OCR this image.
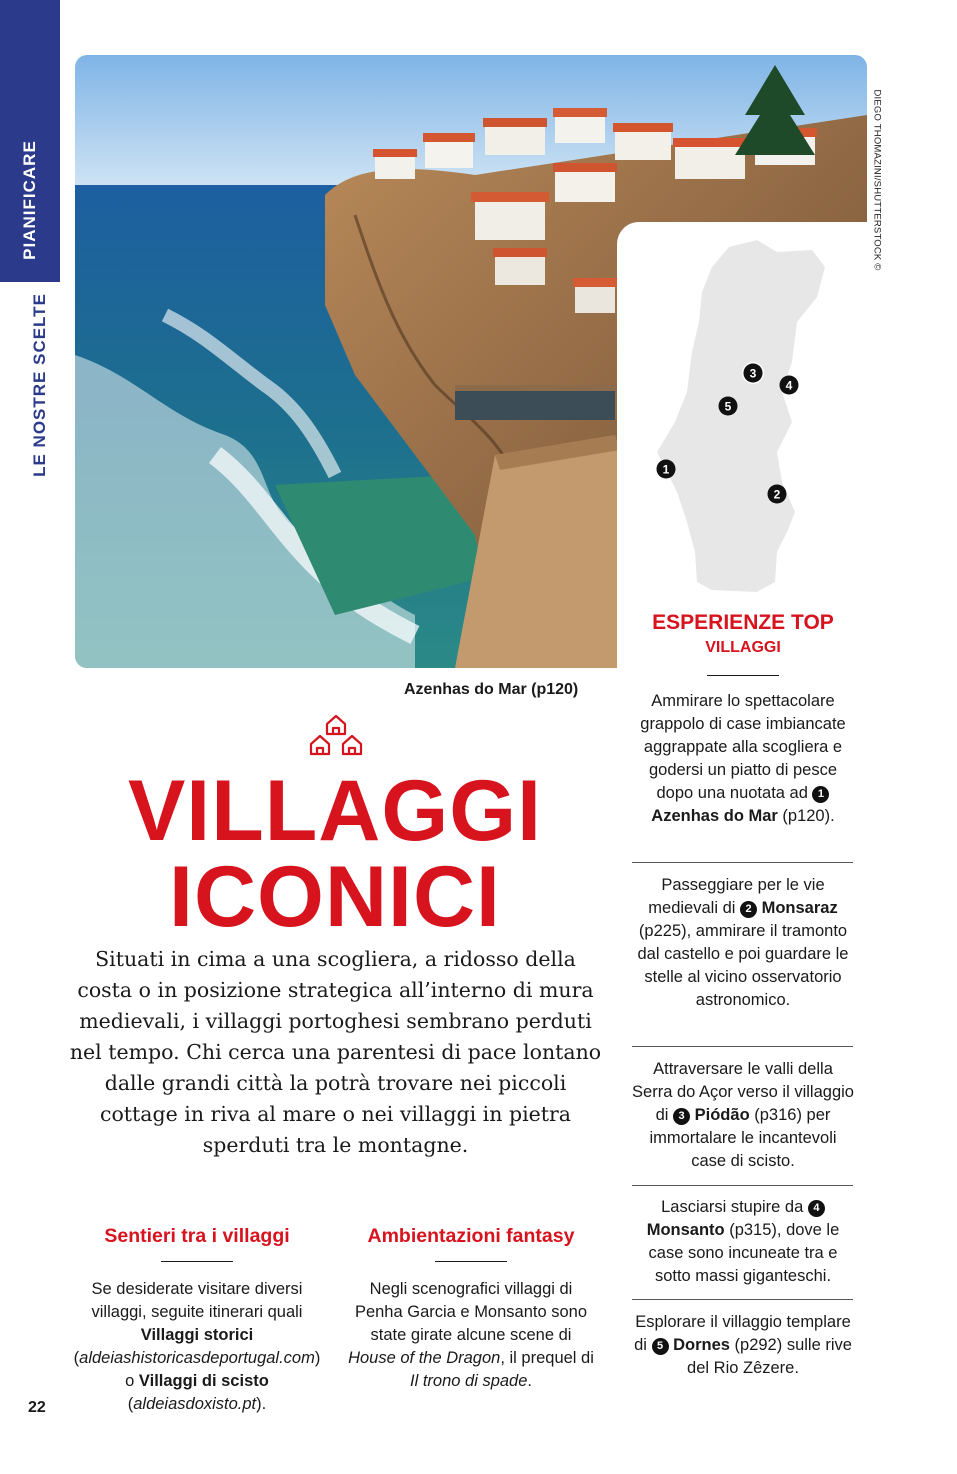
PIANIFICARE
LE NOSTRE SCELTE
DIEGO THOMAZINI/SHUTTERSTOCK ©
3
4
5
1
2
ESPERIENZE TOP
VILLAGGI
Ammirare lo spettacolare grappolo di case imbiancate aggrappate alla scogliera e godersi un piatto di pesce dopo una nuotata ad 1 Azenhas do Mar (p120).
Passeggiare per le vie medievali di 2 Monsaraz (p225), ammirare il tramonto dal castello e poi guardare le stelle al vicino osservatorio astronomico.
Attraversare le valli della Serra do Açor verso il villaggio di 3 Piódão (p316) per immortalare le incantevoli case di scisto.
Lasciarsi stupire da 4 Monsanto (p315), dove le case sono incuneate tra e sotto massi giganteschi.
Esplorare il villaggio templare di 5 Dornes (p292) sulle rive del Rio Zêzere.
Azenhas do Mar (p120)
VILLAGGI
ICONICI
Situati in cima a una scogliera, a ridosso della costa o in posizione strategica all’interno di mura medievali, i villaggi portoghesi sembrano perduti nel tempo. Chi cerca una parentesi di pace lontano dalle grandi città la potrà trovare nei piccoli cottage in riva al mare o nei villaggi in pietra sperduti tra le montagne.
Sentieri tra i villaggi
Se desiderate visitare diversi villaggi, seguite itinerari quali Villaggi storici (aldeiashistoricasdeportugal.com) o Villaggi di scisto (aldeiasdoxisto.pt).
Ambientazioni fantasy
Negli scenografici villaggi di Penha Garcia e Monsanto sono state girate alcune scene di House of the Dragon, il prequel di Il trono di spade.
22
